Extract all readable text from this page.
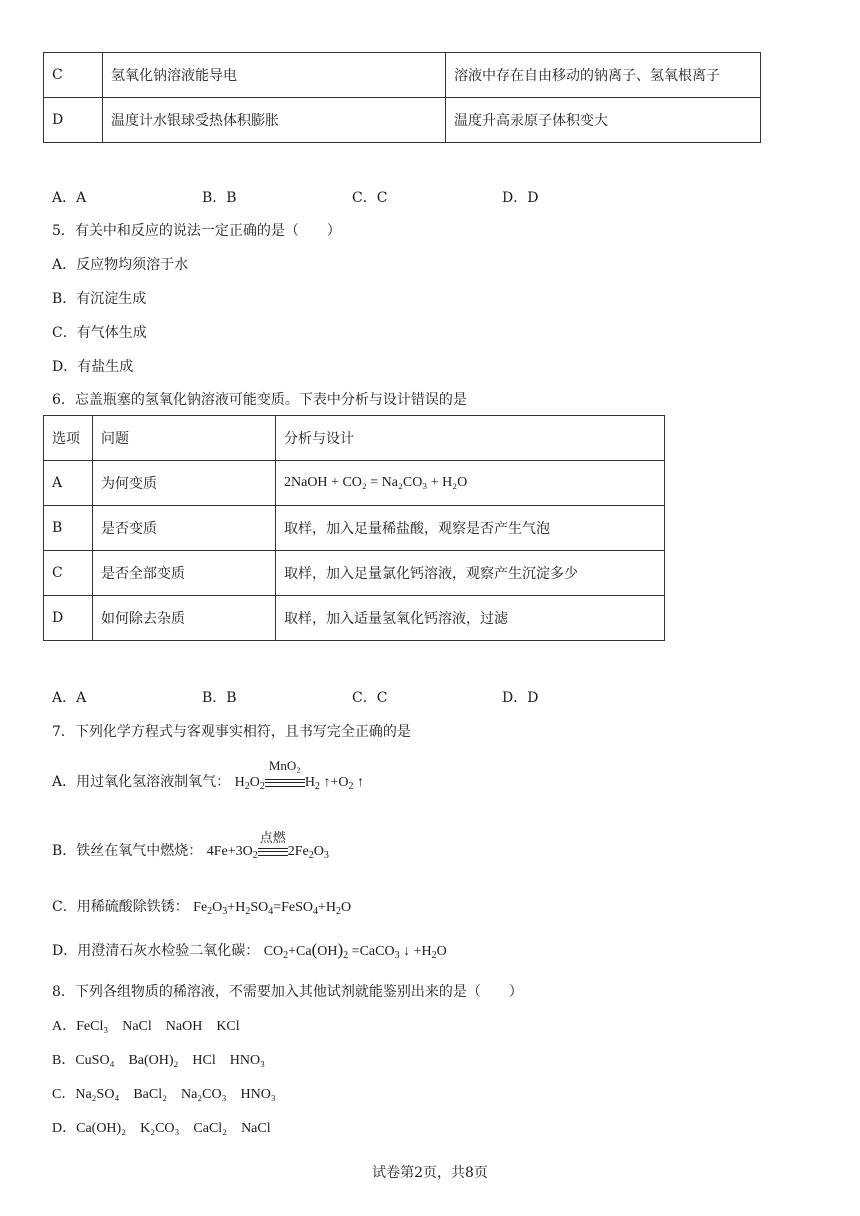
C	氢氧化钠溶液能导电	溶液中存在自由移动的钠离子、氢氧根离子
D	温度计水银球受热体积膨胀	温度升高汞原子体积变大
A．A	B．B	C．C	D．D
5．有关中和反应的说法一定正确的是（　　）
A．反应物均须溶于水
B．有沉淀生成
C．有气体生成
D．有盐生成
6．忘盖瓶塞的氢氧化钠溶液可能变质。下表中分析与设计错误的是
选项	问题	分析与设计
A	为何变质	2NaOH + CO₂ = Na₂CO₃ + H₂O
B	是否变质	取样，加入足量稀盐酸，观察是否产生气泡
C	是否全部变质	取样，加入足量氯化钙溶液，观察产生沉淀多少
D	如何除去杂质	取样，加入适量氢氧化钙溶液，过滤
A．A	B．B	C．C	D．D
7．下列化学方程式与客观事实相符，且书写完全正确的是
A．用过氧化氢溶液制氧气： $H_2O_2$
MnO₂
$H_2$ $↑+O_2$ ↑
B．铁丝在氧气中燃烧： $4Fe+3O_2$
点燃
$2Fe_2O_3$
C．用稀硫酸除铁锈： $Fe_2O_3+H_2SO_4=FeSO_4+H_2O$
D．用澄清石灰水检验二氧化碳： $CO_2+Ca(OH)_2$ =CaCO$_3$ ↓ $+H_2O$
8．下列各组物质的稀溶液，不需要加入其他试剂就能鉴别出来的是（　　）
A．FeCl₃　NaCl　NaOH　KCl
B．CuSO₄　Ba(OH)₂　HCl　HNO₃
C．Na₂SO₄　BaCl₂　Na₂CO₃　HNO₃
D．Ca(OH)₂　K₂CO₃　CaCl₂　NaCl
试卷第2页，共8页
